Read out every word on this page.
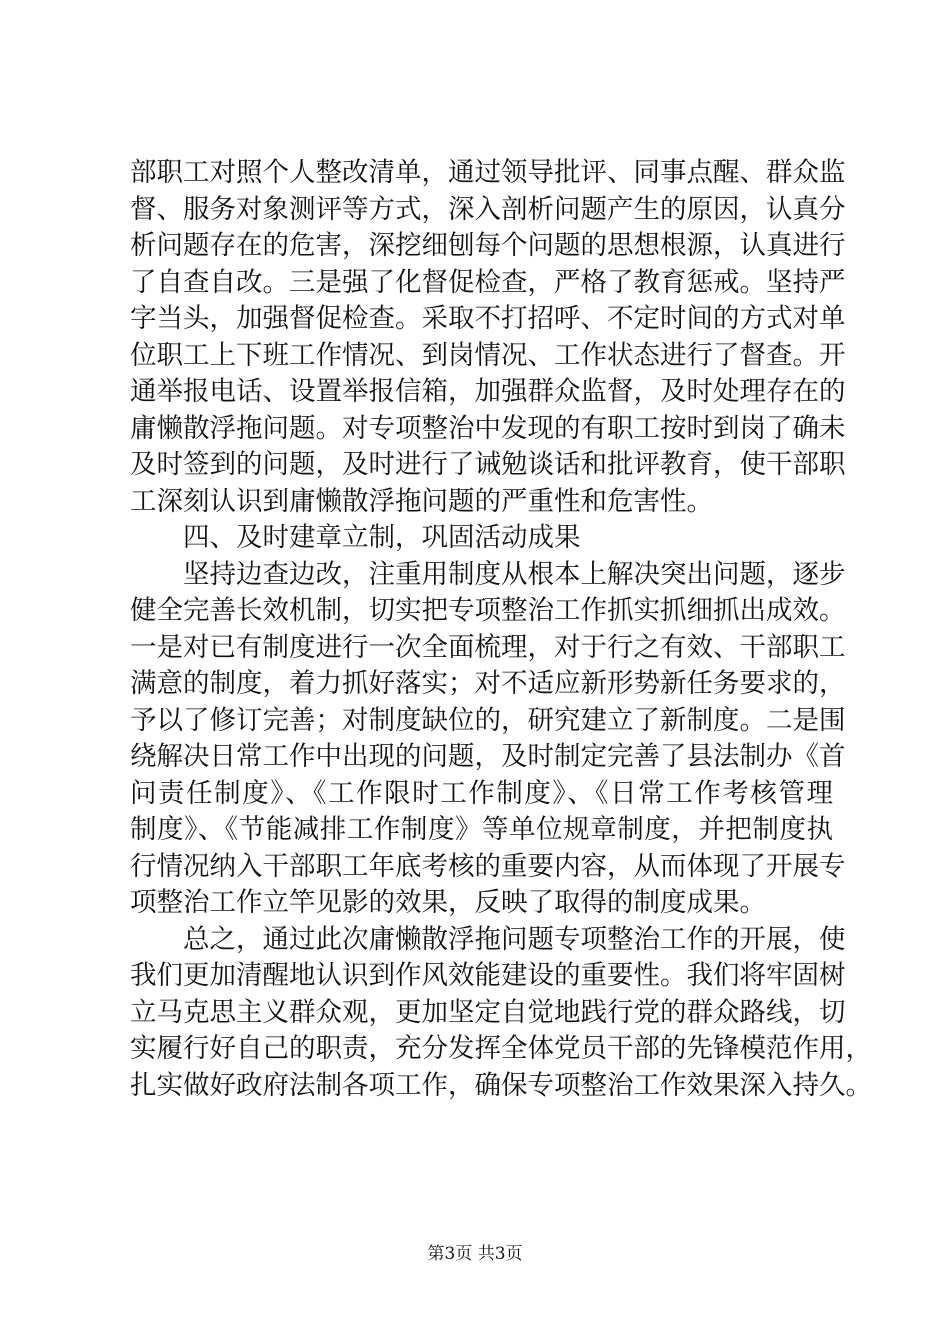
部职工对照个人整改清单，通过领导批评、同事点醒、群众监
督、服务对象测评等方式，深入剖析问题产生的原因，认真分
析问题存在的危害，深挖细刨每个问题的思想根源，认真进行
了自查自改。三是强了化督促检查，严格了教育惩戒。坚持严
字当头，加强督促检查。采取不打招呼、不定时间的方式对单
位职工上下班工作情况、到岗情况、工作状态进行了督查。开
通举报电话、设置举报信箱，加强群众监督，及时处理存在的
庸懒散浮拖问题。对专项整治中发现的有职工按时到岗了确未
及时签到的问题，及时进行了诫勉谈话和批评教育，使干部职
工深刻认识到庸懒散浮拖问题的严重性和危害性。
四、及时建章立制，巩固活动成果
坚持边查边改，注重用制度从根本上解决突出问题，逐步
健全完善长效机制，切实把专项整治工作抓实抓细抓出成效。
一是对已有制度进行一次全面梳理，对于行之有效、干部职工
满意的制度，着力抓好落实；对不适应新形势新任务要求的，
予以了修订完善；对制度缺位的，研究建立了新制度。二是围
绕解决日常工作中出现的问题，及时制定完善了县法制办《首
问责任制度》、《工作限时工作制度》、《日常工作考核管理
制度》、《节能减排工作制度》等单位规章制度，并把制度执
行情况纳入干部职工年底考核的重要内容，从而体现了开展专
项整治工作立竿见影的效果，反映了取得的制度成果。
总之，通过此次庸懒散浮拖问题专项整治工作的开展，使
我们更加清醒地认识到作风效能建设的重要性。我们将牢固树
立马克思主义群众观，更加坚定自觉地践行党的群众路线，切
实履行好自己的职责，充分发挥全体党员干部的先锋模范作用，
扎实做好政府法制各项工作，确保专项整治工作效果深入持久。
第3页 共3页
